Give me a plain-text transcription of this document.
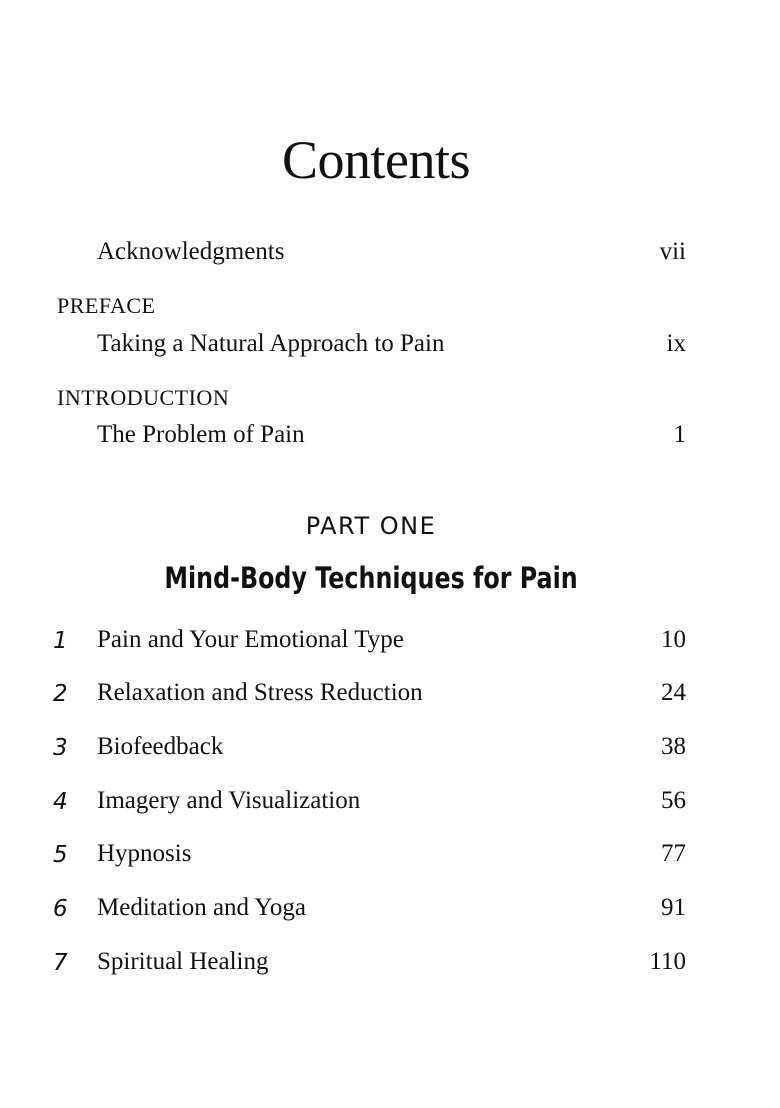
Contents
Acknowledgments	vii
PREFACE
Taking a Natural Approach to Pain	ix
INTRODUCTION
The Problem of Pain	1
PART ONE
Mind-Body Techniques for Pain
1	Pain and Your Emotional Type	10
2	Relaxation and Stress Reduction	24
3	Biofeedback	38
4	Imagery and Visualization	56
5	Hypnosis	77
6	Meditation and Yoga	91
7	Spiritual Healing	110
